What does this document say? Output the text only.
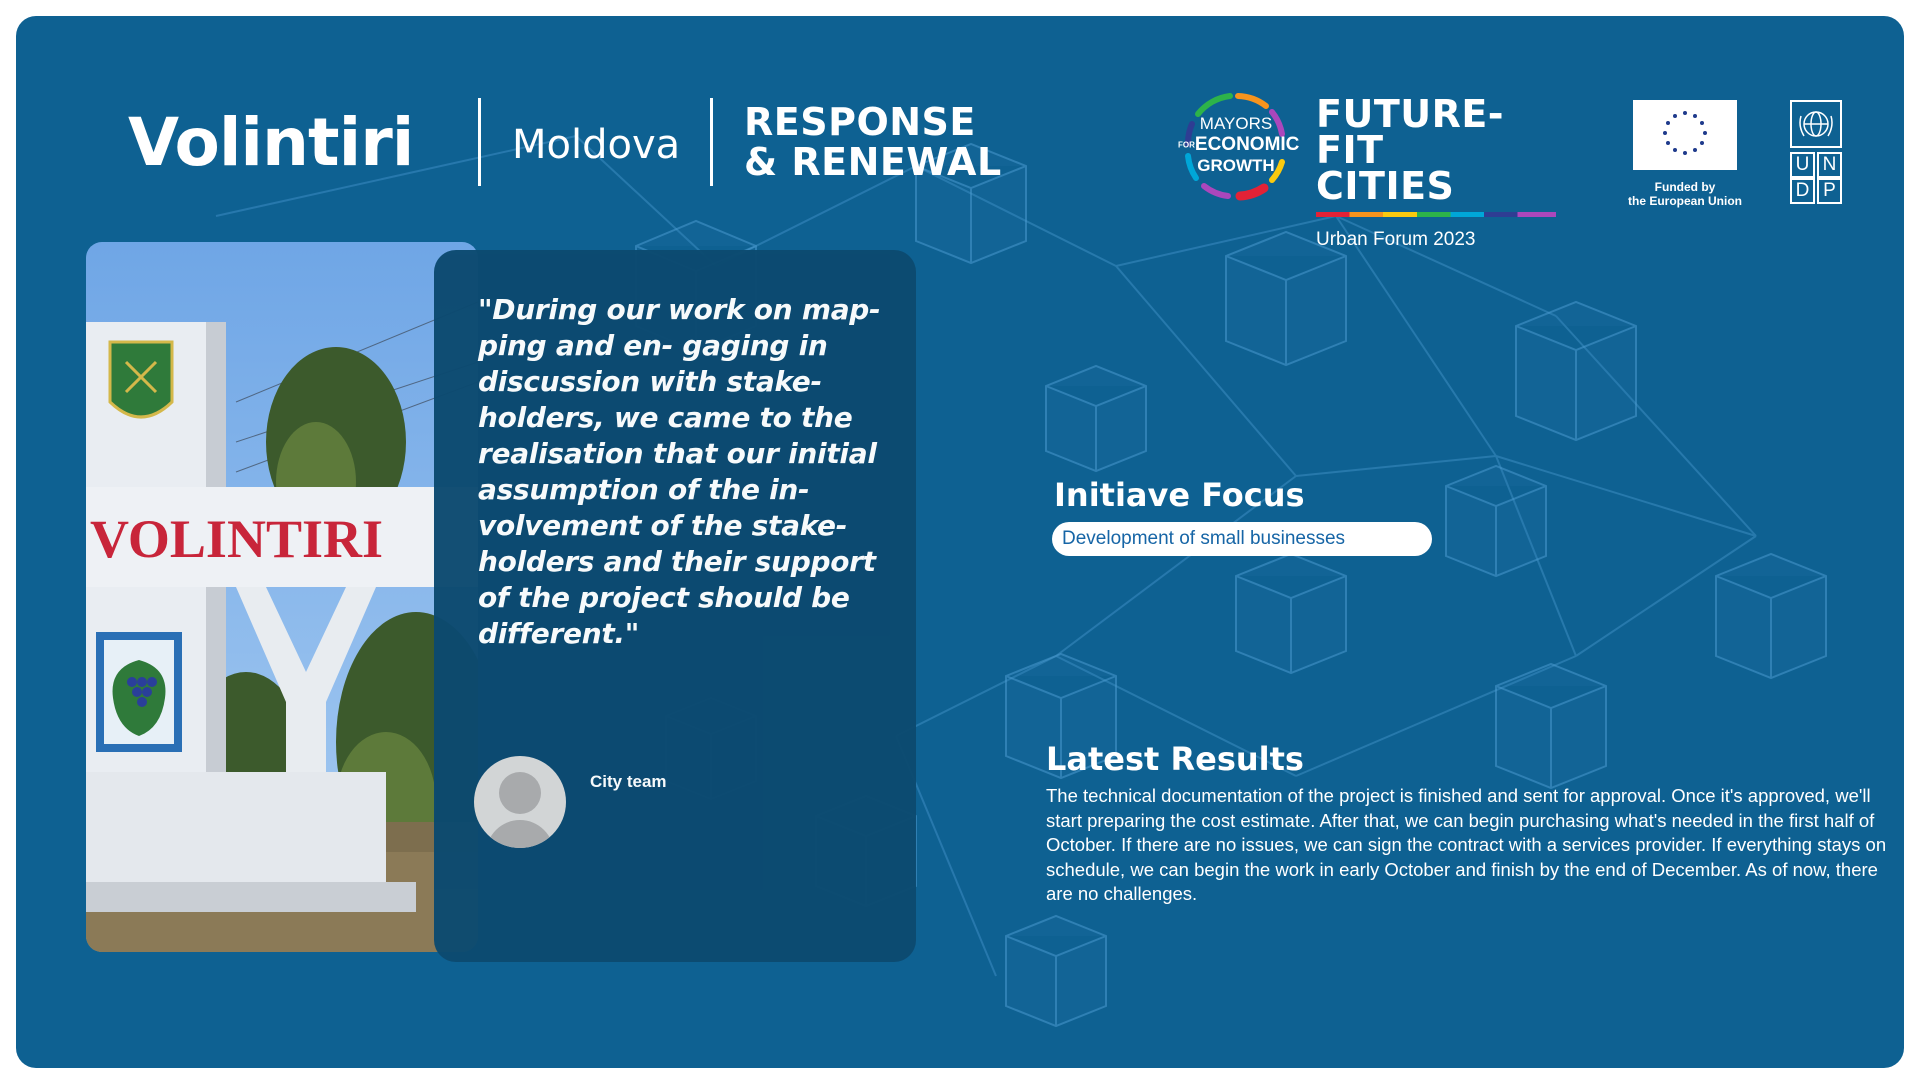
Volintiri Moldova RESPONSE
& RENEWAL
MAYORS
FORECONOMIC
GROWTH
FUTURE-FIT
CITIES
Urban Forum 2023
Funded by
the European Union
U N
D P
VOLINTIRI
"During our work on map-
ping and en- gaging in
discussion with stake-
holders, we came to the
realisation that our initial
assumption of the in-
volvement of the stake-
holders and their support
of the project should be
different."
City team
Initiave Focus
Development of small businesses
Latest Results
The technical documentation of the project is finished and sent for approval. Once it's approved, we'll start preparing the cost estimate. After that, we can begin purchasing what's needed in the first half of October. If there are no issues, we can sign the contract with a services provider. If everything stays on schedule, we can begin the work in early October and finish by the end of December. As of now, there are no challenges.
